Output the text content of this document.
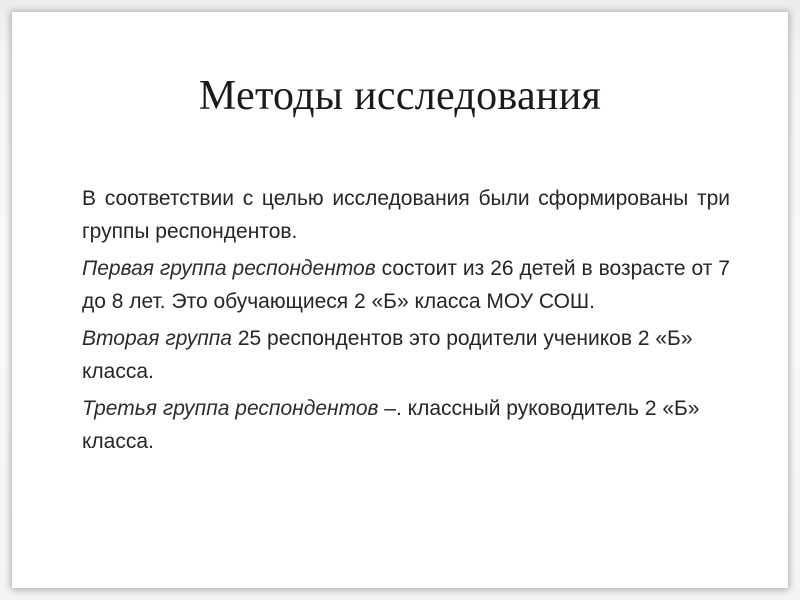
Методы исследования

В соответствии с целью исследования были сформированы три группы респондентов.

Первая группа респондентов состоит из 26 детей в возрасте от 7 до 8 лет. Это обучающиеся 2 «Б» класса МОУ СОШ.

Вторая группа 25 респондентов это родители учеников 2 «Б» класса.

Третья группа респондентов –. классный руководитель 2 «Б» класса.
